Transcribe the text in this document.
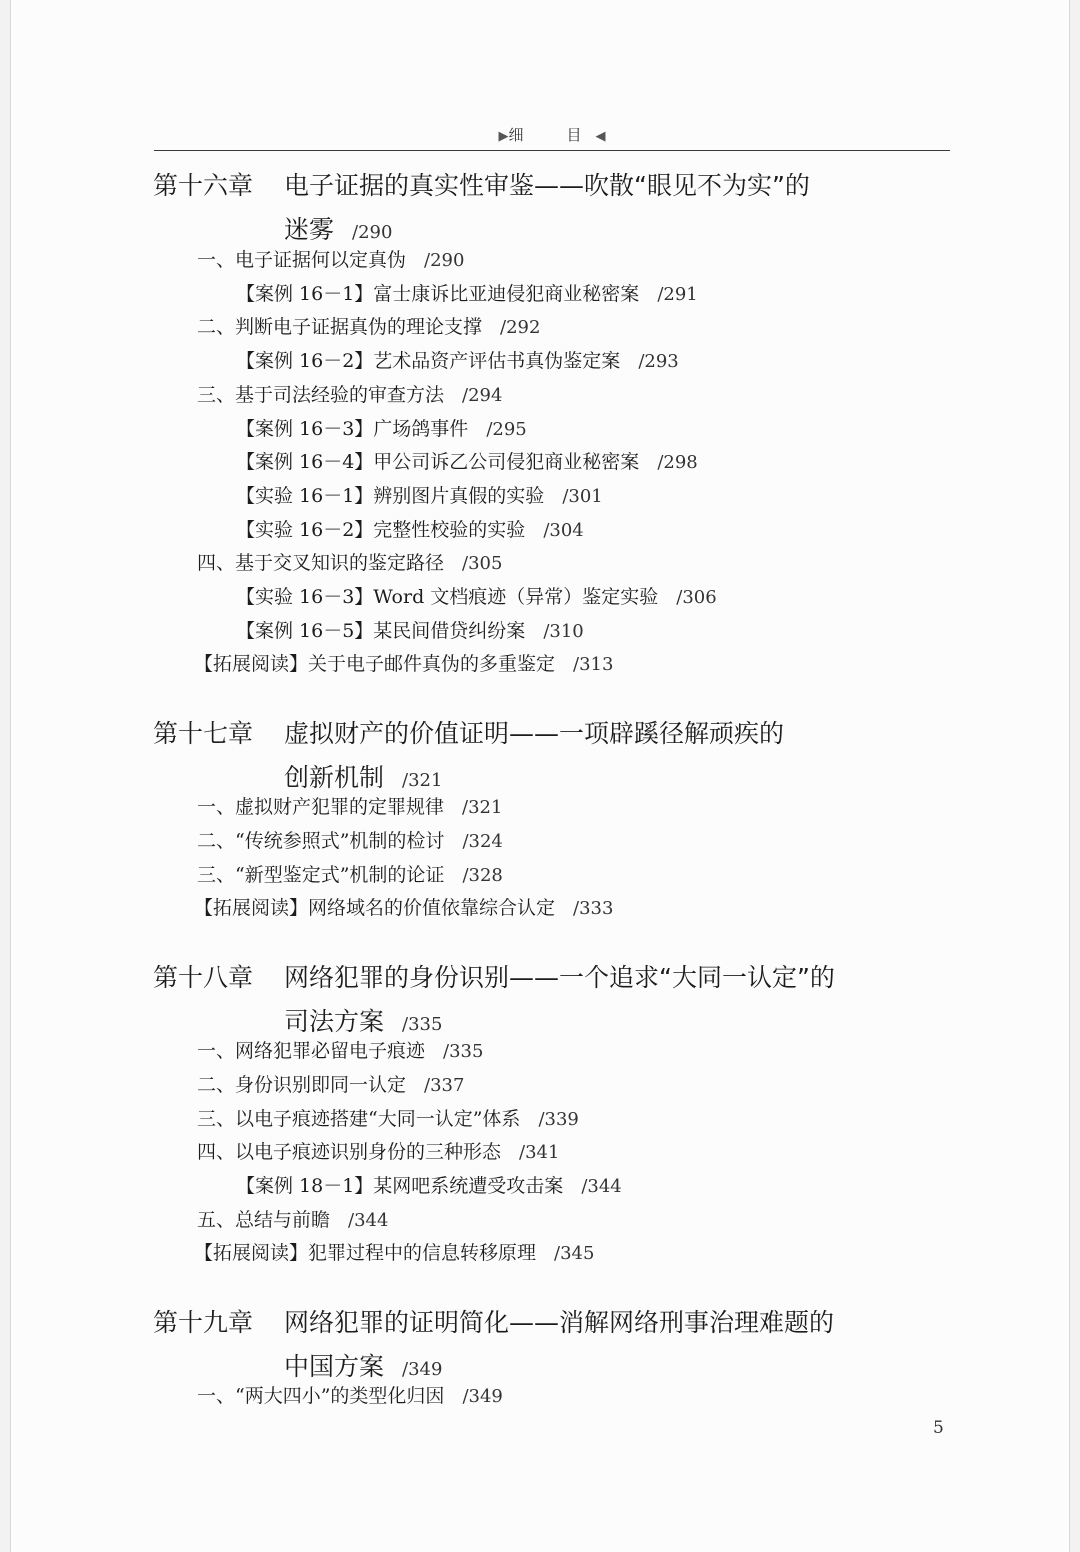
▶细　目◀
第十六章 电子证据的真实性审鉴——吹散“眼见不为实”的
迷雾 /290
一、电子证据何以定真伪 /290
【案例 16－1】富士康诉比亚迪侵犯商业秘密案 /291
二、判断电子证据真伪的理论支撑 /292
【案例 16－2】艺术品资产评估书真伪鉴定案 /293
三、基于司法经验的审查方法 /294
【案例 16－3】广场鸽事件 /295
【案例 16－4】甲公司诉乙公司侵犯商业秘密案 /298
【实验 16－1】辨别图片真假的实验 /301
【实验 16－2】完整性校验的实验 /304
四、基于交叉知识的鉴定路径 /305
【实验 16－3】Word 文档痕迹（异常）鉴定实验 /306
【案例 16－5】某民间借贷纠纷案 /310
【拓展阅读】关于电子邮件真伪的多重鉴定 /313
第十七章 虚拟财产的价值证明——一项辟蹊径解顽疾的
创新机制 /321
一、虚拟财产犯罪的定罪规律 /321
二、“传统参照式”机制的检讨 /324
三、“新型鉴定式”机制的论证 /328
【拓展阅读】网络域名的价值依靠综合认定 /333
第十八章 网络犯罪的身份识别——一个追求“大同一认定”的
司法方案 /335
一、网络犯罪必留电子痕迹 /335
二、身份识别即同一认定 /337
三、以电子痕迹搭建“大同一认定”体系 /339
四、以电子痕迹识别身份的三种形态 /341
【案例 18－1】某网吧系统遭受攻击案 /344
五、总结与前瞻 /344
【拓展阅读】犯罪过程中的信息转移原理 /345
第十九章 网络犯罪的证明简化——消解网络刑事治理难题的
中国方案 /349
一、“两大四小”的类型化归因 /349
5
